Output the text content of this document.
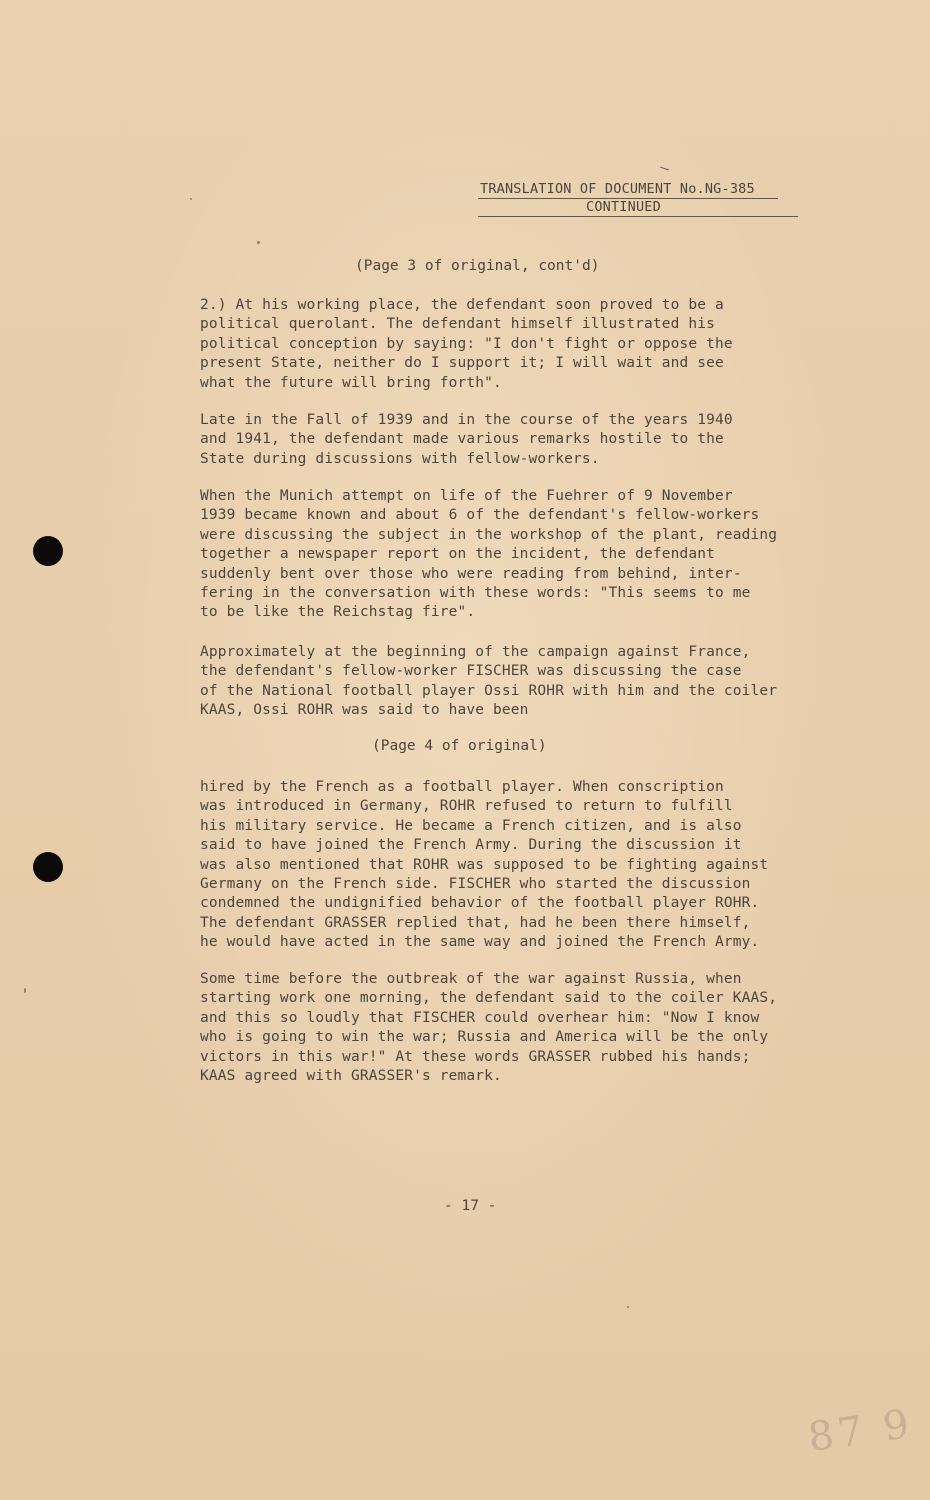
TRANSLATION OF DOCUMENT No.NG-385
CONTINUED
(Page 3 of original, cont'd)
2.) At his working place, the defendant soon proved to be a
political querolant. The defendant himself illustrated his
political conception by saying: "I don't fight or oppose the
present State, neither do I support it; I will wait and see
what the future will bring forth".
Late in the Fall of 1939 and in the course of the years 1940
and 1941, the defendant made various remarks hostile to the
State during discussions with fellow-workers.
When the Munich attempt on life of the Fuehrer of 9 November
1939 became known and about 6 of the defendant's fellow-workers
were discussing the subject in the workshop of the plant, reading
together a newspaper report on the incident, the defendant
suddenly bent over those who were reading from behind, inter-
fering in the conversation with these words: "This seems to me
to be like the Reichstag fire".
Approximately at the beginning of the campaign against France,
the defendant's fellow-worker FISCHER was discussing the case
of the National football player Ossi ROHR with him and the coiler
KAAS, Ossi ROHR was said to have been
(Page 4 of original)
hired by the French as a football player. When conscription
was introduced in Germany, ROHR refused to return to fulfill
his military service. He became a French citizen, and is also
said to have joined the French Army. During the discussion it
was also mentioned that ROHR was supposed to be fighting against
Germany on the French side. FISCHER who started the discussion
condemned the undignified behavior of the football player ROHR.
The defendant GRASSER replied that, had he been there himself,
he would have acted in the same way and joined the French Army.
Some time before the outbreak of the war against Russia, when
starting work one morning, the defendant said to the coiler KAAS,
and this so loudly that FISCHER could overhear him: "Now I know
who is going to win the war; Russia and America will be the only
victors in this war!" At these words GRASSER rubbed his hands;
KAAS agreed with GRASSER's remark.
- 17 -
87 9
